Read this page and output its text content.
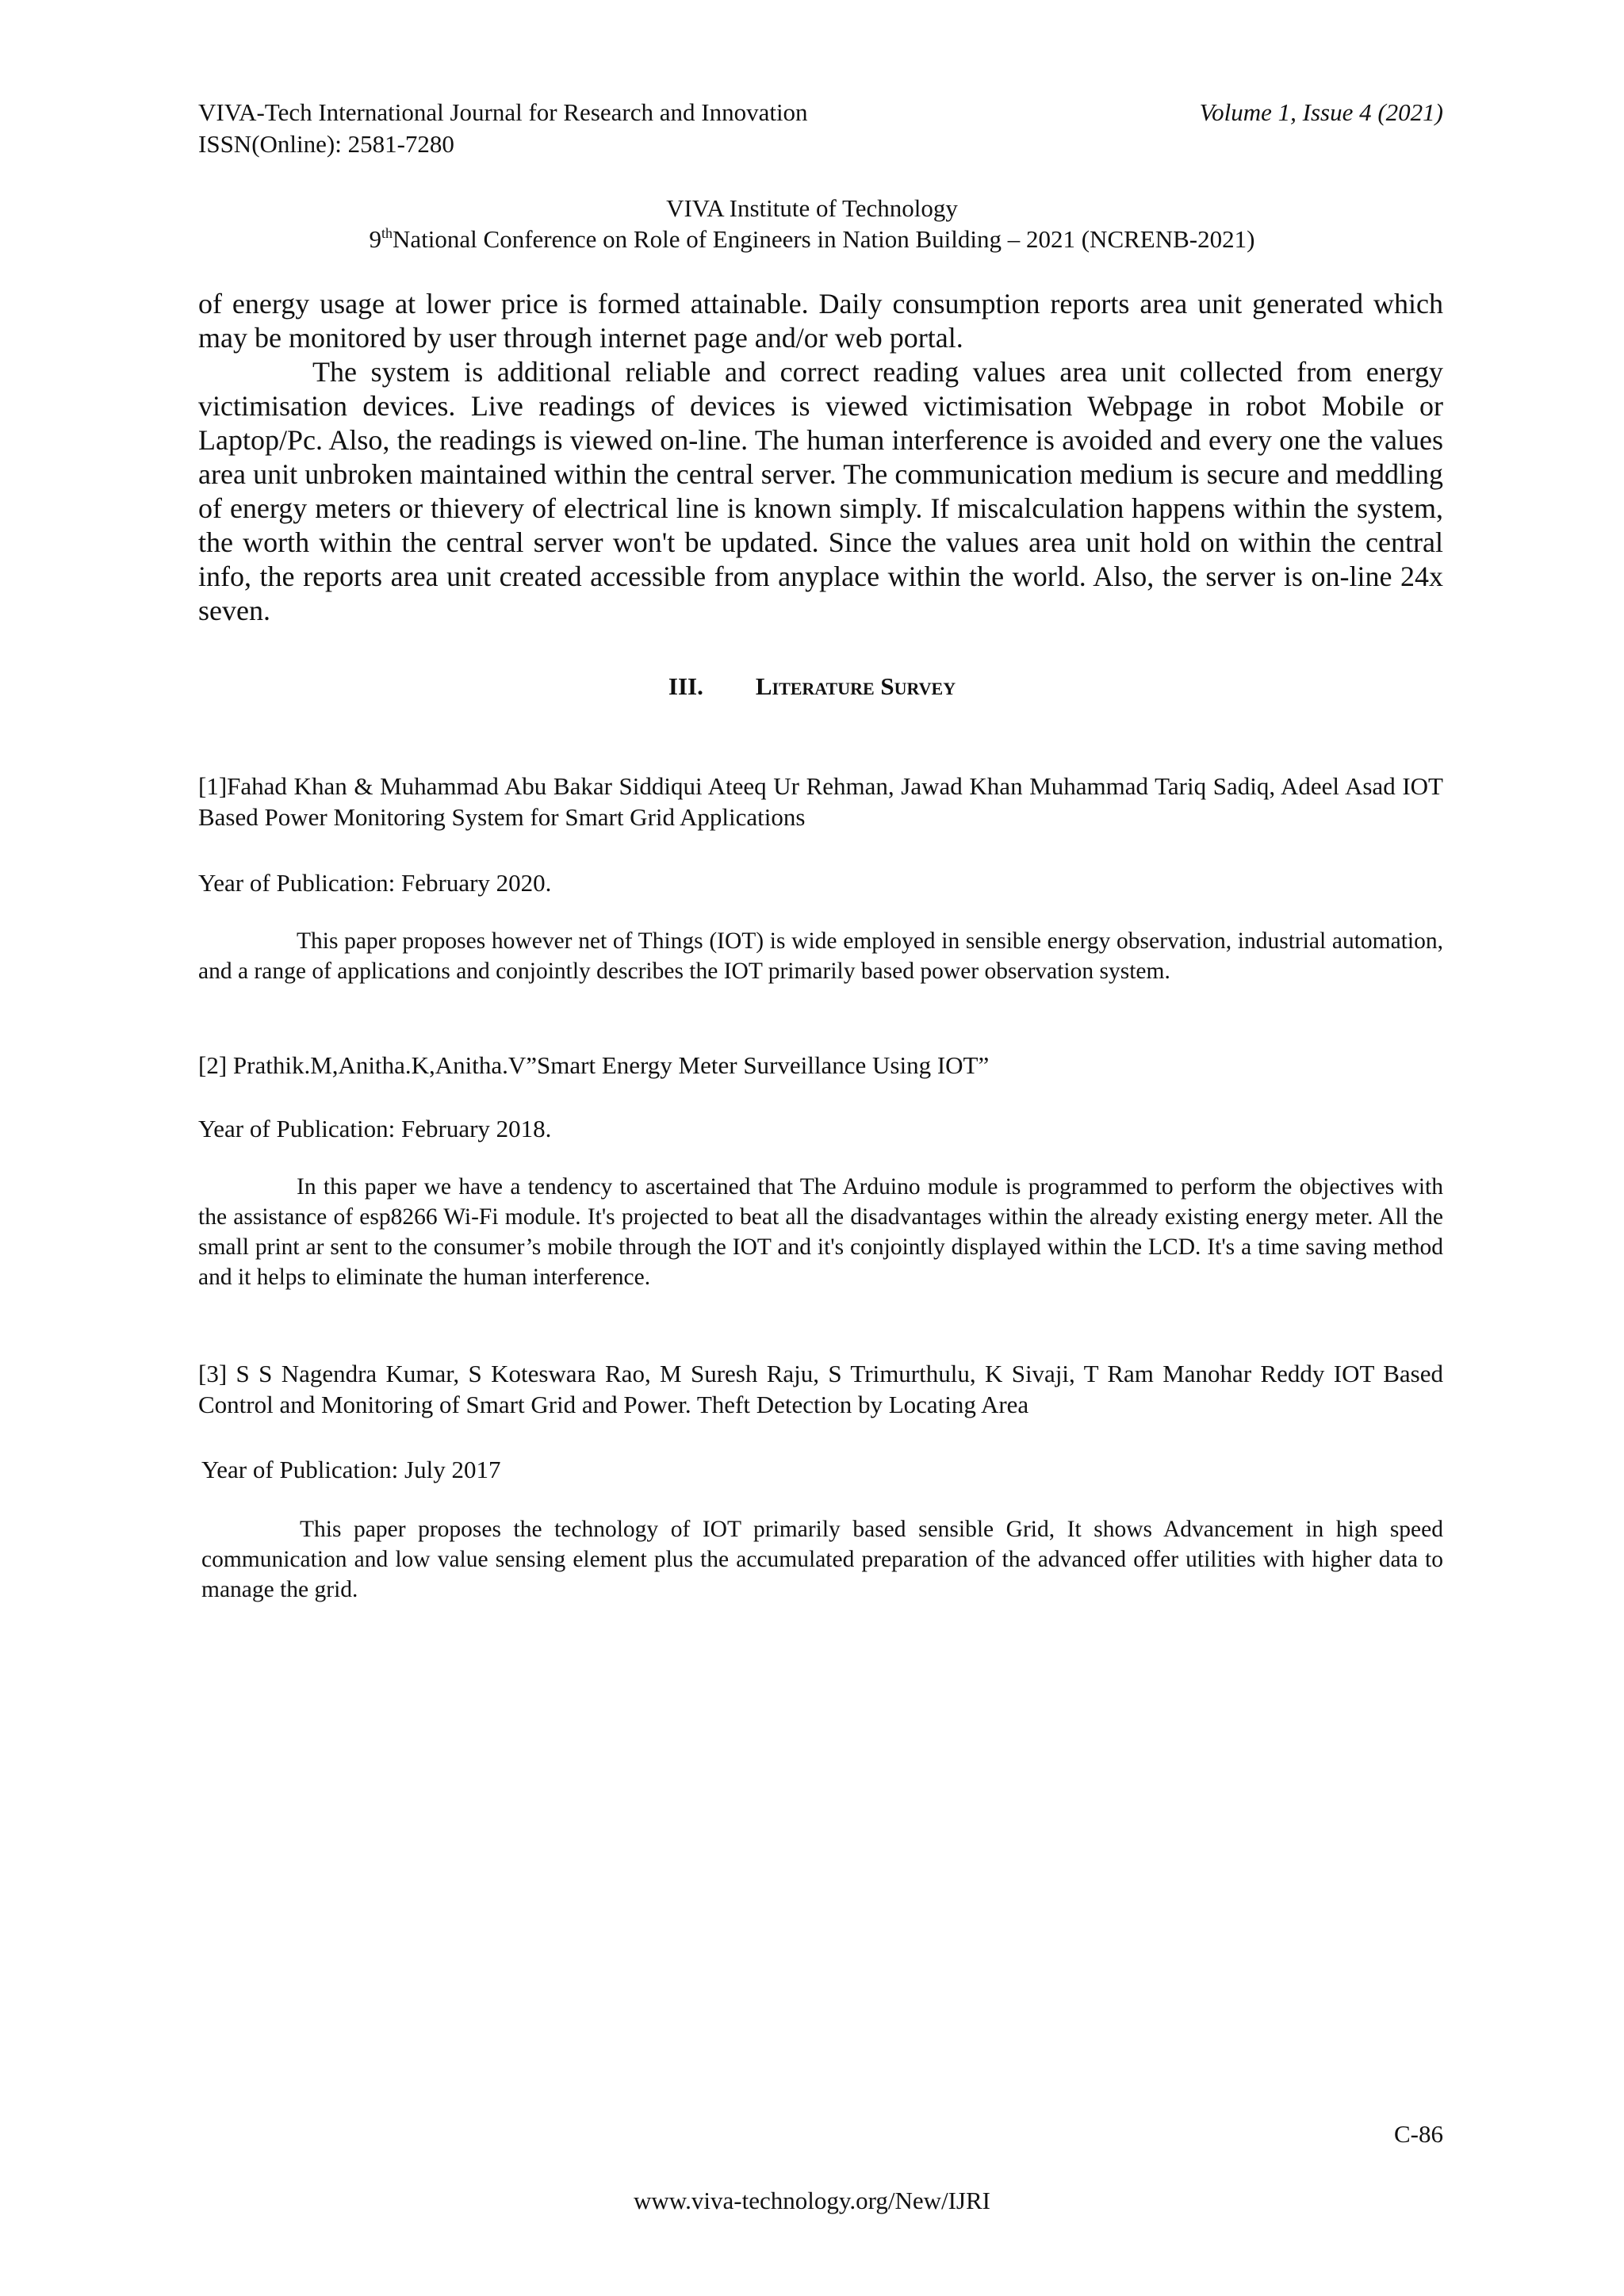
VIVA-Tech International Journal for Research and Innovation	Volume 1, Issue 4 (2021)
ISSN(Online): 2581-7280
VIVA Institute of Technology
9thNational Conference on Role of Engineers in Nation Building – 2021 (NCRENB-2021)
of energy usage at lower price is formed attainable. Daily consumption reports area unit generated which may be monitored by user through internet page and/or web portal.
The system is additional reliable and correct reading values area unit collected from energy victimisation devices. Live readings of devices is viewed victimisation Webpage in robot Mobile or Laptop/Pc. Also, the readings is viewed on-line. The human interference is avoided and every one the values area unit unbroken maintained within the central server. The communication medium is secure and meddling of energy meters or thievery of electrical line is known simply. If miscalculation happens within the system, the worth within the central server won't be updated. Since the values area unit hold on within the central info, the reports area unit created accessible from anyplace within the world. Also, the server is on-line 24x seven.
III. Literature Survey
[1]Fahad Khan & Muhammad Abu Bakar Siddiqui Ateeq Ur Rehman, Jawad Khan Muhammad Tariq Sadiq, Adeel Asad IOT Based Power Monitoring System for Smart Grid Applications
Year of Publication: February 2020.
This paper proposes however net of Things (IOT) is wide employed in sensible energy observation, industrial automation, and a range of applications and conjointly describes the IOT primarily based power observation system.
[2] Prathik.M,Anitha.K,Anitha.V”Smart Energy Meter Surveillance Using IOT”
Year of Publication: February 2018.
In this paper we have a tendency to ascertained that The Arduino module is programmed to perform the objectives with the assistance of esp8266 Wi-Fi module. It's projected to beat all the disadvantages within the already existing energy meter. All the small print ar sent to the consumer’s mobile through the IOT and it's conjointly displayed within the LCD. It's a time saving method and it helps to eliminate the human interference.
[3] S S Nagendra Kumar, S Koteswara Rao, M Suresh Raju, S Trimurthulu, K Sivaji, T Ram Manohar Reddy IOT Based Control and Monitoring of Smart Grid and Power. Theft Detection by Locating Area
Year of Publication: July 2017
This paper proposes the technology of IOT primarily based sensible Grid, It shows Advancement in high speed communication and low value sensing element plus the accumulated preparation of the advanced offer utilities with higher data to manage the grid.
C-86
www.viva-technology.org/New/IJRI
